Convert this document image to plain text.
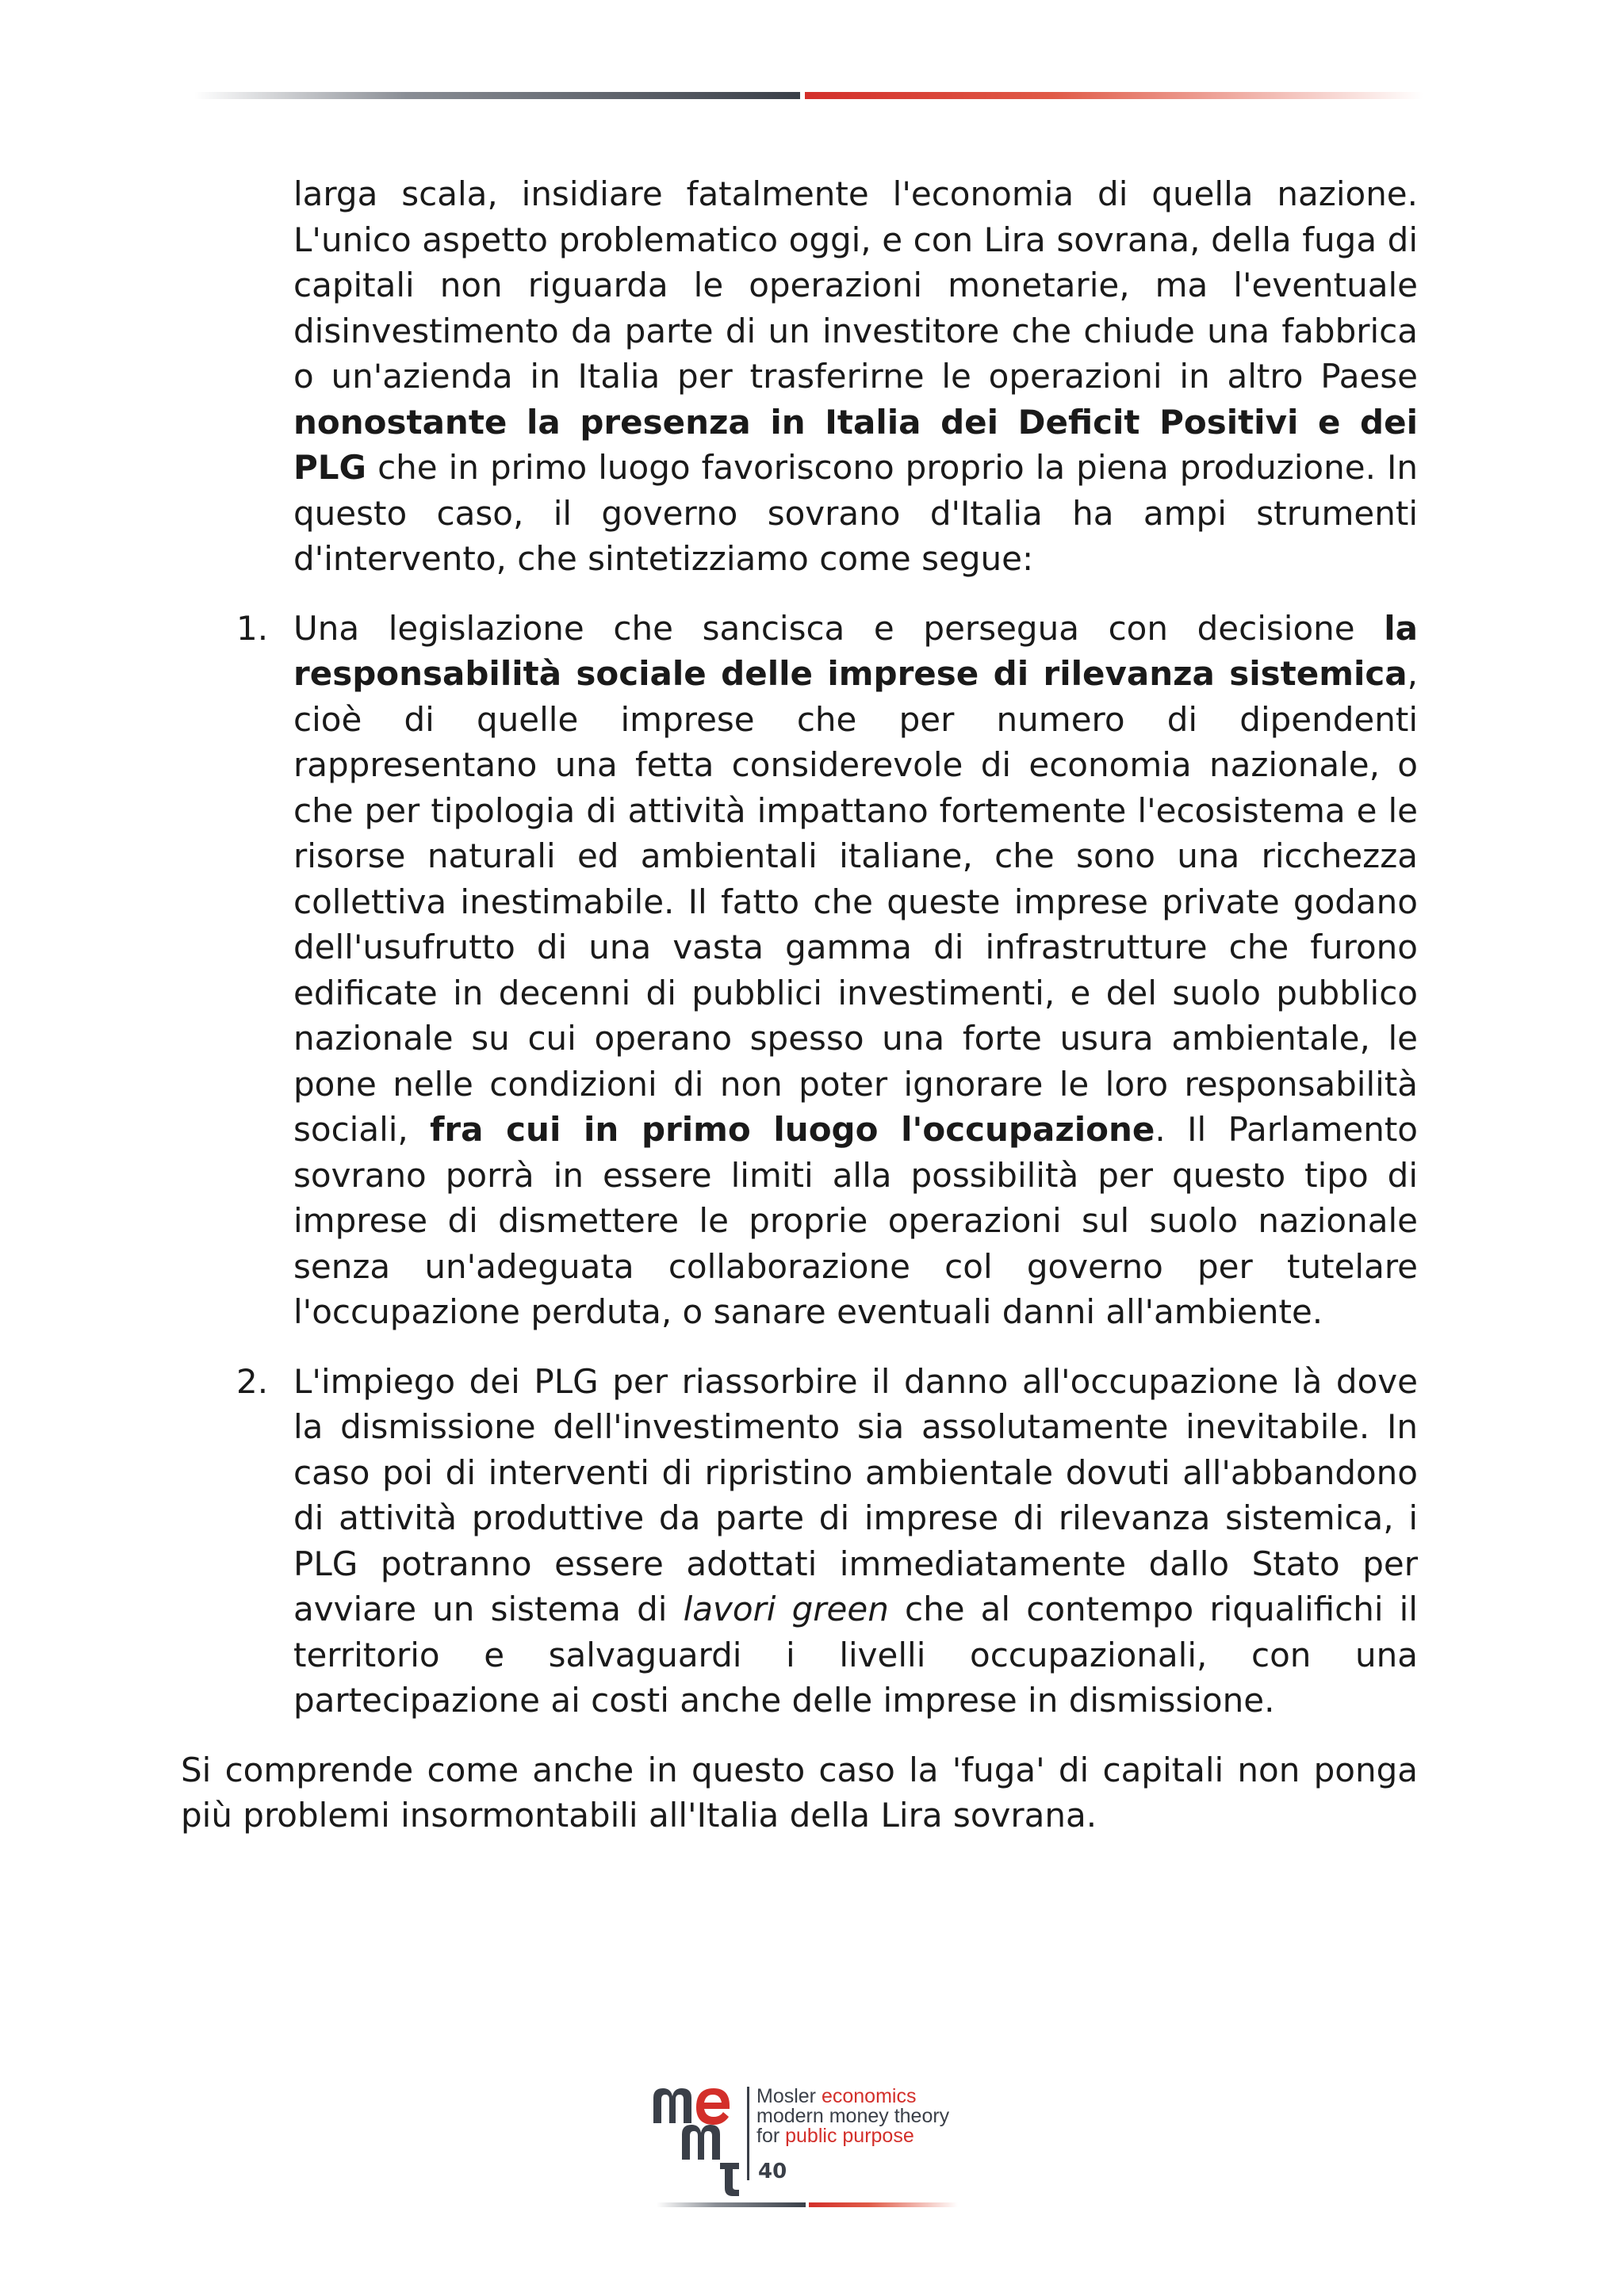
larga scala, insidiare fatalmente l'economia di quella nazione. L'unico aspetto problematico oggi, e con Lira sovrana, della fuga di capitali non riguarda le operazioni monetarie, ma l'eventuale disinvestimento da parte di un investitore che chiude una fabbrica o un'azienda in Italia per trasferirne le operazioni in altro Paese nonostante la presenza in Italia dei Deficit Positivi e dei PLG che in primo luogo favoriscono proprio la piena produzione. In questo caso, il governo sovrano d'Italia ha ampi strumenti d'intervento, che sintetizziamo come segue:

1. Una legislazione che sancisca e persegua con decisione la responsabilità sociale delle imprese di rilevanza sistemica, cioè di quelle imprese che per numero di dipendenti rappresentano una fetta considerevole di economia nazionale, o che per tipologia di attività impattano fortemente l'ecosistema e le risorse naturali ed ambientali italiane, che sono una ricchezza collettiva inestimabile. Il fatto che queste imprese private godano dell'usufrutto di una vasta gamma di infrastrutture che furono edificate in decenni di pubblici investimenti, e del suolo pubblico nazionale su cui operano spesso una forte usura ambientale, le pone nelle condizioni di non poter ignorare le loro responsabilità sociali, fra cui in primo luogo l'occupazione. Il Parlamento sovrano porrà in essere limiti alla possibilità per questo tipo di imprese di dismettere le proprie operazioni sul suolo nazionale senza un'adeguata collaborazione col governo per tutelare l'occupazione perduta, o sanare eventuali danni all'ambiente.

2. L'impiego dei PLG per riassorbire il danno all'occupazione là dove la dismissione dell'investimento sia assolutamente inevitabile. In caso poi di interventi di ripristino ambientale dovuti all'abbandono di attività produttive da parte di imprese di rilevanza sistemica, i PLG potranno essere adottati immediatamente dallo Stato per avviare un sistema di lavori green che al contempo riqualifichi il territorio e salvaguardi i livelli occupazionali, con una partecipazione ai costi anche delle imprese in dismissione.

Si comprende come anche in questo caso la 'fuga' di capitali non ponga più problemi insormontabili all'Italia della Lira sovrana.

Mosler economics
modern money theory
for public purpose
40
